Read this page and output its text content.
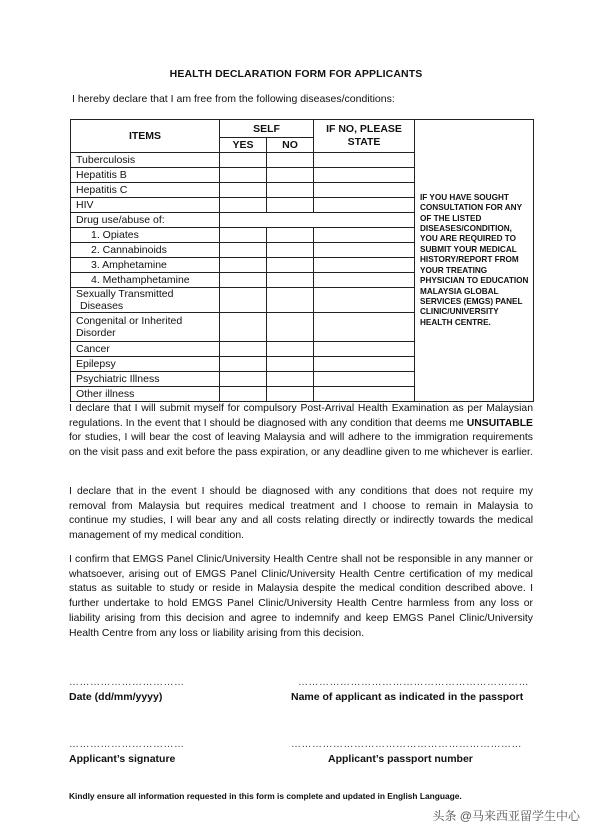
HEALTH DECLARATION FORM FOR APPLICANTS
I hereby declare that I am free from the following diseases/conditions:
ITEMS	SELF		IF NO, PLEASE STATE	IF YOU HAVE SOUGHT CONSULTATION FOR ANY OF THE LISTED DISEASES/CONDITION, YOU ARE REQUIRED TO SUBMIT YOUR MEDICAL HISTORY/REPORT FROM YOUR TREATING PHYSICIAN TO EDUCATION MALAYSIA GLOBAL SERVICES (EMGS) PANEL CLINIC/UNIVERSITY HEALTH CENTRE.
	YES	NO		
Tuberculosis				
Hepatitis B				
Hepatitis C				
HIV				
Drug use/abuse of:				
1. Opiates				
2. Cannabinoids				
3. Amphetamine				
4. Methamphetamine				
Sexually Transmitted
Diseases				
Congenital or Inherited
Disorder				
Cancer				
Epilepsy				
Psychiatric Illness				
Other illness				

I declare that I will submit myself for compulsory Post-Arrival Health Examination as per Malaysian regulations. In the event that I should be diagnosed with any condition that deems me UNSUITABLE for studies, I will bear the cost of leaving Malaysia and will adhere to the immigration requirements on the visit pass and exit before the pass expiration, or any deadline given to me whichever is earlier.

I declare that in the event I should be diagnosed with any conditions that does not require my removal from Malaysia but requires medical treatment and I choose to remain in Malaysia to continue my studies, I will bear any and all costs relating directly or indirectly towards the medical management of my medical condition.

I confirm that EMGS Panel Clinic/University Health Centre shall not be responsible in any manner or whatsoever, arising out of EMGS Panel Clinic/University Health Centre certification of my medical status as suitable to study or reside in Malaysia despite the medical condition described above. I further undertake to hold EMGS Panel Clinic/University Health Centre harmless from any loss or liability arising from this decision and agree to indemnify and keep EMGS Panel Clinic/University Health Centre from any loss or liability arising from this decision.

……………………………	…………………………………………………………
Date (dd/mm/yyyy)	Name of applicant as indicated in the passport
……………………………	…………………………………………………………
Applicant’s signature	Applicant’s passport number
Kindly ensure all information requested in this form is complete and updated in English Language.
头条 @马来西亚留学生中心
